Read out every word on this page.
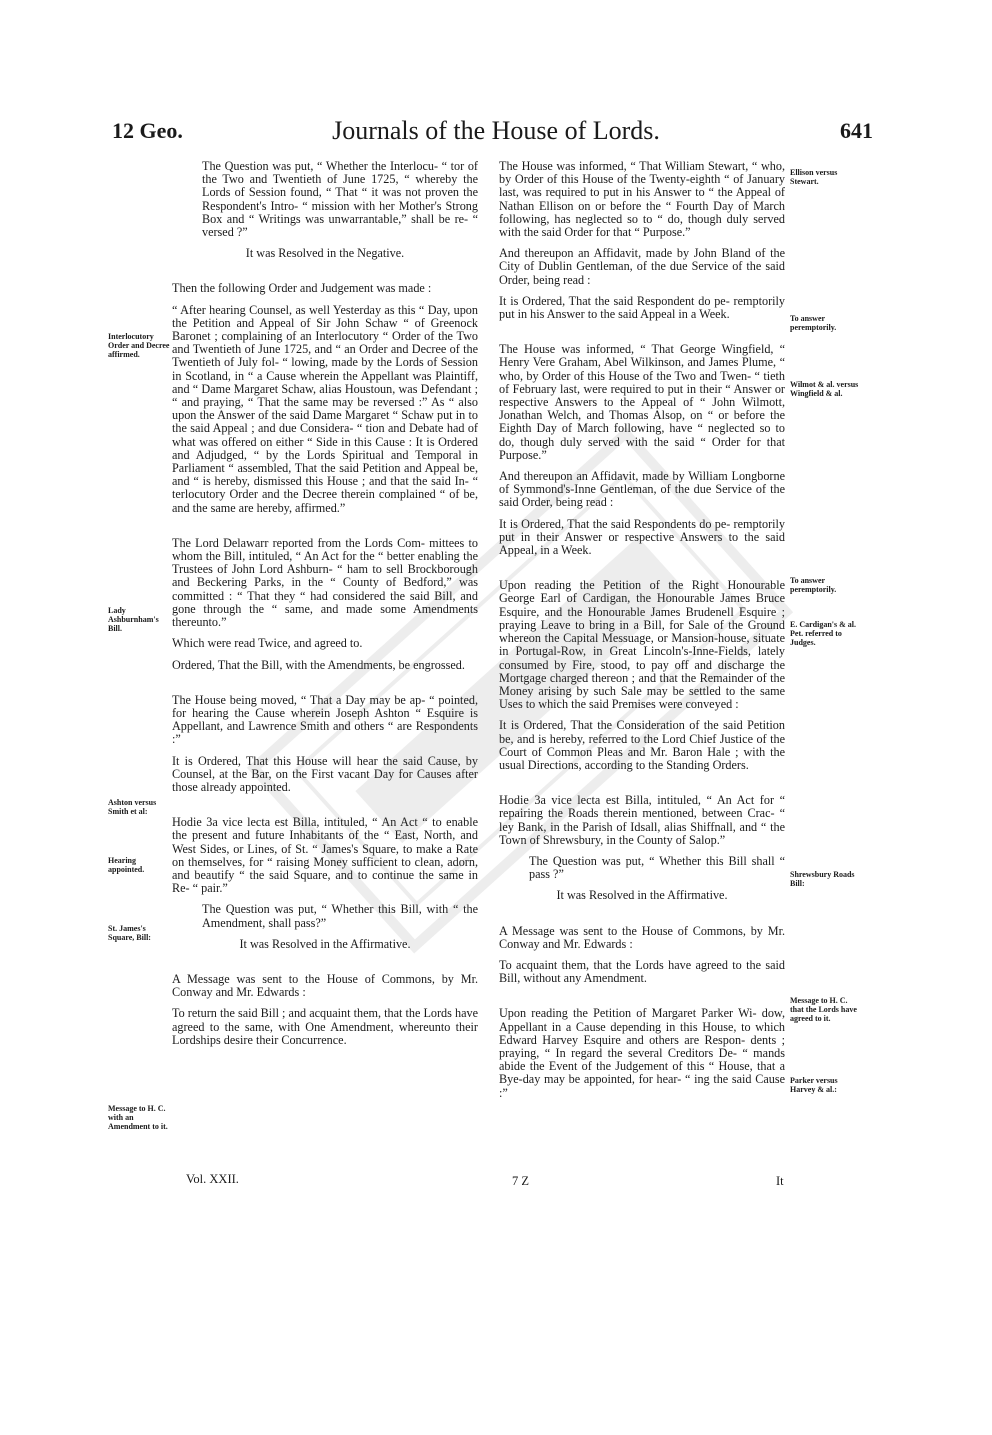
12 Geo.	Journals of the House of Lords.	641
Interlocutory Order and Decree affirmed.
Lady Ashburnham's Bill.
Ashton versus Smith et al:
Hearing appointed.
St. James's Square, Bill:
Message to H. C. with an Amendment to it.
Ellison versus Stewart.
To answer peremptorily.
Wilmot & al. versus Wingfield & al.
To answer peremptorily.
E. Cardigan's & al. Pet. referred to Judges.
Shrewsbury Roads Bill:
Message to H. C. that the Lords have agreed to it.
Parker versus Harvey & al.:

The Question was put, “ Whether the Interlocu- “ tor of the Two and Twentieth of June 1725, “ whereby the Lords of Session found, “ That “ it was not proven the Respondent's Intro- “ mission with her Mother's Strong Box and “ Writings was unwarrantable,” shall be re- “ versed ?”

It was Resolved in the Negative.

Then the following Order and Judgement was made :

“ After hearing Counsel, as well Yesterday as this “ Day, upon the Petition and Appeal of Sir John Schaw “ of Greenock Baronet ; complaining of an Interlocutory “ Order of the Two and Twentieth of June 1725, and “ an Order and Decree of the Twentieth of July fol- “ lowing, made by the Lords of Session in Scotland, in “ a Cause wherein the Appellant was Plaintiff, and “ Dame Margaret Schaw, alias Houstoun, was Defendant ; “ and praying, “ That the same may be reversed :” As “ also upon the Answer of the said Dame Margaret “ Schaw put in to the said Appeal ; and due Considera- “ tion and Debate had of what was offered on either “ Side in this Cause : It is Ordered and Adjudged, “ by the Lords Spiritual and Temporal in Parliament “ assembled, That the said Petition and Appeal be, and “ is hereby, dismissed this House ; and that the said In- “ terlocutory Order and the Decree therein complained “ of be, and the same are hereby, affirmed.”

The Lord Delawarr reported from the Lords Com- mittees to whom the Bill, intituled, “ An Act for the “ better enabling the Trustees of John Lord Ashburn- “ ham to sell Brockborough and Beckering Parks, in the “ County of Bedford,” was committed : “ That they “ had considered the said Bill, and gone through the “ same, and made some Amendments thereunto.”

Which were read Twice, and agreed to.

Ordered, That the Bill, with the Amendments, be engrossed.

The House being moved, “ That a Day may be ap- “ pointed, for hearing the Cause wherein Joseph Ashton “ Esquire is Appellant, and Lawrence Smith and others “ are Respondents :”

It is Ordered, That this House will hear the said Cause, by Counsel, at the Bar, on the First vacant Day for Causes after those already appointed.

Hodie 3a vice lecta est Billa, intituled, “ An Act “ to enable the present and future Inhabitants of the “ East, North, and West Sides, or Lines, of St. “ James's Square, to make a Rate on themselves, for “ raising Money sufficient to clean, adorn, and beautify “ the said Square, and to continue the same in Re- “ pair.”

The Question was put, “ Whether this Bill, with “ the Amendment, shall pass?”

It was Resolved in the Affirmative.

A Message was sent to the House of Commons, by Mr. Conway and Mr. Edwards :

To return the said Bill ; and acquaint them, that the Lords have agreed to the same, with One Amendment, whereunto their Lordships desire their Concurrence.

The House was informed, “ That William Stewart, “ who, by Order of this House of the Twenty-eighth “ of January last, was required to put in his Answer to “ the Appeal of Nathan Ellison on or before the “ Fourth Day of March following, has neglected so to “ do, though duly served with the said Order for that “ Purpose.”

And thereupon an Affidavit, made by John Bland of the City of Dublin Gentleman, of the due Service of the said Order, being read :

It is Ordered, That the said Respondent do pe- remptorily put in his Answer to the said Appeal in a Week.

The House was informed, “ That George Wingfield, “ Henry Vere Graham, Abel Wilkinson, and James Plume, “ who, by Order of this House of the Two and Twen- “ tieth of February last, were required to put in their “ Answer or respective Answers to the Appeal of “ John Wilmott, Jonathan Welch, and Thomas Alsop, on “ or before the Eighth Day of March following, have “ neglected so to do, though duly served with the said “ Order for that Purpose.”

And thereupon an Affidavit, made by William Longborne of Symmond's-Inne Gentleman, of the due Service of the said Order, being read :

It is Ordered, That the said Respondents do pe- remptorily put in their Answer or respective Answers to the said Appeal, in a Week.

Upon reading the Petition of the Right Honourable George Earl of Cardigan, the Honourable James Bruce Esquire, and the Honourable James Brudenell Esquire ; praying Leave to bring in a Bill, for Sale of the Ground whereon the Capital Messuage, or Mansion-house, situate in Portugal-Row, in Great Lincoln's-Inne-Fields, lately consumed by Fire, stood, to pay off and discharge the Mortgage charged thereon ; and that the Remainder of the Money arising by such Sale may be settled to the same Uses to which the said Premises were conveyed :

It is Ordered, That the Consideration of the said Petition be, and is hereby, referred to the Lord Chief Justice of the Court of Common Pleas and Mr. Baron Hale ; with the usual Directions, according to the Standing Orders.

Hodie 3a vice lecta est Billa, intituled, “ An Act for “ repairing the Roads therein mentioned, between Crac- “ ley Bank, in the Parish of Idsall, alias Shiffnall, and “ the Town of Shrewsbury, in the County of Salop.”

The Question was put, “ Whether this Bill shall “ pass ?”

It was Resolved in the Affirmative.

A Message was sent to the House of Commons, by Mr. Conway and Mr. Edwards :

To acquaint them, that the Lords have agreed to the said Bill, without any Amendment.

Upon reading the Petition of Margaret Parker Wi- dow, Appellant in a Cause depending in this House, to which Edward Harvey Esquire and others are Respon- dents ; praying, “ In regard the several Creditors De- “ mands abide the Event of the Judgement of this “ House, that a Bye-day may be appointed, for hear- “ ing the said Cause :”

Vol. XXII.	7 Z	It
